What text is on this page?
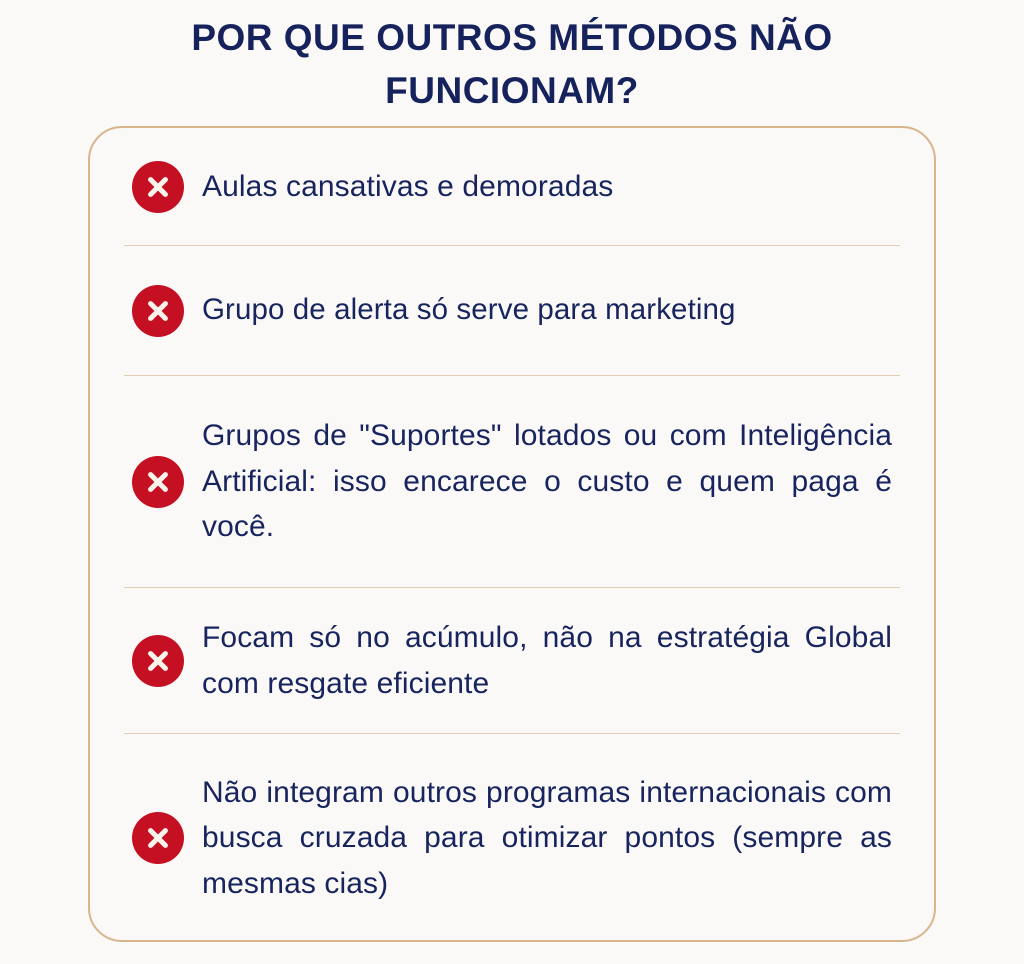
POR QUE OUTROS MÉTODOS NÃO FUNCIONAM?
Aulas cansativas e demoradas
Grupo de alerta só serve para marketing
Grupos de "Suportes" lotados ou com Inteligência Artificial: isso encarece o custo e quem paga é você.
Focam só no acúmulo, não na estratégia Global com resgate eficiente
Não integram outros programas internacionais com busca cruzada para otimizar pontos (sempre as mesmas cias)
